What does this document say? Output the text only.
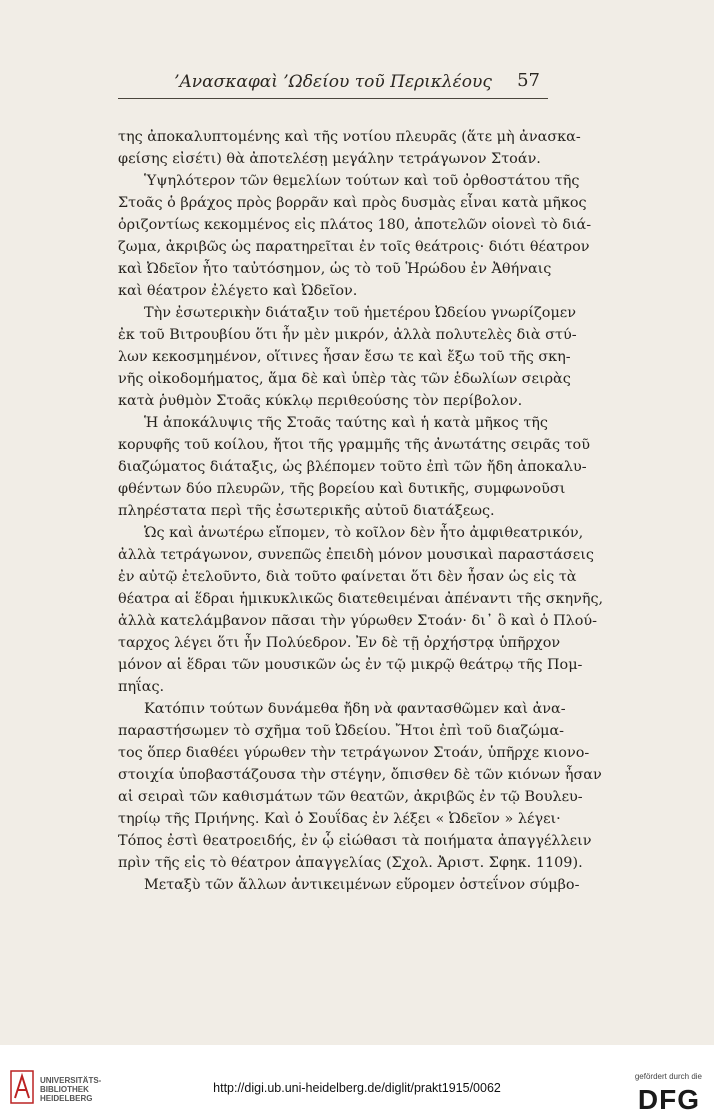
’Ανασκαφαὶ ’Ωδείου τοῦ Περικλέους	57
της ἀποκαλυπτομένης καὶ τῆς νοτίου πλευρᾶς (ἅτε μὴ ἀνασκα-
φείσης εἰσέτι) θὰ ἀποτελέσῃ μεγάλην τετράγωνον Στοάν.
Ὑψηλότερον τῶν θεμελίων τούτων καὶ τοῦ ὀρθοστάτου τῆς
Στοᾶς ὁ βράχος πρὸς βορρᾶν καὶ πρὸς δυσμὰς εἶναι κατὰ μῆκος
ὁριζοντίως κεκομμένος εἰς πλάτος 180, ἀποτελῶν οἱονεὶ τὸ διά-
ζωμα, ἀκριβῶς ὡς παρατηρεῖται ἐν τοῖς θεάτροις· διότι θέατρον
καὶ Ὠδεῖον ἦτο ταὐτόσημον, ὡς τὸ τοῦ Ἡρώδου ἐν Ἀθήναις
καὶ θέατρον ἐλέγετο καὶ Ὠδεῖον.
Τὴν ἐσωτερικὴν διάταξιν τοῦ ἡμετέρου Ὠδείου γνωρίζομεν
ἐκ τοῦ Βιτρουβίου ὅτι ἦν μὲν μικρόν, ἀλλὰ πολυτελὲς διὰ στύ-
λων κεκοσμημένον, οἵτινες ἦσαν ἔσω τε καὶ ἔξω τοῦ τῆς σκη-
νῆς οἰκοδομήματος, ἅμα δὲ καὶ ὑπὲρ τὰς τῶν ἑδωλίων σειρὰς
κατὰ ῥυθμὸν Στοᾶς κύκλῳ περιθεούσης τὸν περίβολον.
Ἡ ἀποκάλυψις τῆς Στοᾶς ταύτης καὶ ἡ κατὰ μῆκος τῆς
κορυφῆς τοῦ κοίλου, ἤτοι τῆς γραμμῆς τῆς ἀνωτάτης σειρᾶς τοῦ
διαζώματος διάταξις, ὡς βλέπομεν τοῦτο ἐπὶ τῶν ἤδη ἀποκαλυ-
φθέντων δύο πλευρῶν, τῆς βορείου καὶ δυτικῆς, συμφωνοῦσι
πληρέστατα περὶ τῆς ἐσωτερικῆς αὐτοῦ διατάξεως.
Ὡς καὶ ἀνωτέρω εἴπομεν, τὸ κοῖλον δὲν ἦτο ἀμφιθεατρικόν,
ἀλλὰ τετράγωνον, συνεπῶς ἐπειδὴ μόνον μουσικαὶ παραστάσεις
ἐν αὐτῷ ἐτελοῦντο, διὰ τοῦτο φαίνεται ὅτι δὲν ἦσαν ὡς εἰς τὰ
θέατρα αἱ ἕδραι ἡμικυκλικῶς διατεθειμέναι ἀπέναντι τῆς σκηνῆς,
ἀλλὰ κατελάμβανον πᾶσαι τὴν γύρωθεν Στοάν· δι᾽ ὃ καὶ ὁ Πλού-
ταρχος λέγει ὅτι ἦν Πολύεδρον. Ἐν δὲ τῇ ὀρχήστρᾳ ὑπῆρχον
μόνον αἱ ἕδραι τῶν μουσικῶν ὡς ἐν τῷ μικρῷ θεάτρῳ τῆς Πομ-
πηΐας.
Κατόπιν τούτων δυνάμεθα ἤδη νὰ φαντασθῶμεν καὶ ἀνα-
παραστήσωμεν τὸ σχῆμα τοῦ Ὠδείου. Ἤτοι ἐπὶ τοῦ διαζώμα-
τος ὅπερ διαθέει γύρωθεν τὴν τετράγωνον Στοάν, ὑπῆρχε κιονο-
στοιχία ὑποβαστάζουσα τὴν στέγην, ὄπισθεν δὲ τῶν κιόνων ἦσαν
αἱ σειραὶ τῶν καθισμάτων τῶν θεατῶν, ἀκριβῶς ἐν τῷ Βουλευ-
τηρίῳ τῆς Πριήνης. Καὶ ὁ Σουΐδας ἐν λέξει « Ὠδεῖον » λέγει·
Τόπος ἐστὶ θεατροειδής, ἐν ᾧ εἰώθασι τὰ ποιήματα ἀπαγγέλλειν
πρὶν τῆς εἰς τὸ θέατρον ἀπαγγελίας (Σχολ. Ἀριστ. Σφηκ. 1109).
Μεταξὺ τῶν ἄλλων ἀντικειμένων εὕρομεν ὀστεΐνον σύμβο-
UNIVERSITÄTS-
BIBLIOTHEK
HEIDELBERG
http://digi.ub.uni-heidelberg.de/diglit/prakt1915/0062
gefördert durch die
DFG
